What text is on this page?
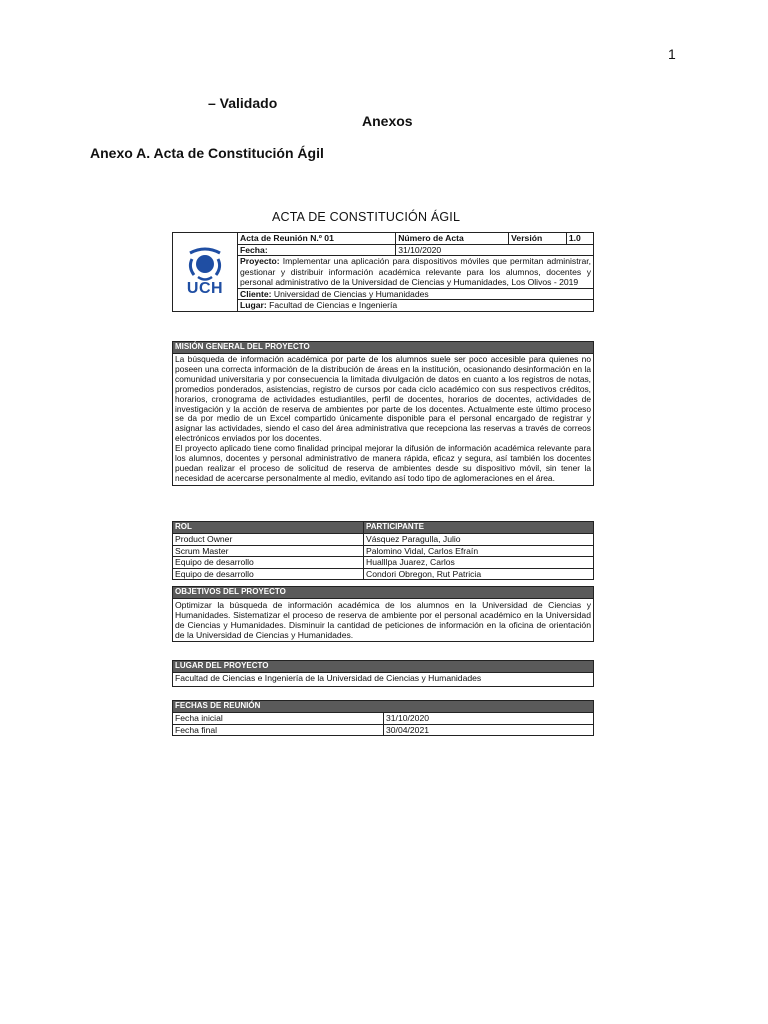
1
– Validado
Anexos
Anexo A. Acta de Constitución Ágil
ACTA DE CONSTITUCIÓN ÁGIL
UCH	Acta de Reunión N.º 01	Número de Acta	Versión	1.0
	Fecha:	31/10/2020		
	Proyecto: Implementar una aplicación para dispositivos móviles que permitan administrar, gestionar y distribuir información académica relevante para los alumnos, docentes y personal administrativo de la Universidad de Ciencias y Humanidades, Los Olivos - 2019			
	Cliente: Universidad de Ciencias y Humanidades			
	Lugar: Facultad de Ciencias e Ingeniería			
MISIÓN GENERAL DEL PROYECTO

La búsqueda de información académica por parte de los alumnos suele ser poco accesible para quienes no poseen una correcta información de la distribución de áreas en la institución, ocasionando desinformación en la comunidad universitaria y por consecuencia la limitada divulgación de datos en cuanto a los registros de notas, promedios ponderados, asistencias, registro de cursos por cada ciclo académico con sus respectivos créditos, horarios, cronograma de actividades estudiantiles, perfil de docentes, horarios de docentes, actividades de investigación y la acción de reserva de ambientes por parte de los docentes. Actualmente este último proceso se da por medio de un Excel compartido únicamente disponible para el personal encargado de registrar y asignar las actividades, siendo el caso del área administrativa que recepciona las reservas a través de correos electrónicos enviados por los docentes.
El proyecto aplicado tiene como finalidad principal mejorar la difusión de información académica relevante para los alumnos, docentes y personal administrativo de manera rápida, eficaz y segura, así también los docentes puedan realizar el proceso de solicitud de reserva de ambientes desde su dispositivo móvil, sin tener la necesidad de acercarse personalmente al medio, evitando así todo tipo de aglomeraciones en el área.
ROL	PARTICIPANTE
Product Owner	Vásquez Paragulla, Julio
Scrum Master	Palomino Vidal, Carlos Efraín
Equipo de desarrollo	Hualllpa Juarez, Carlos
Equipo de desarrollo	Condori Obregon, Rut Patricia
OBJETIVOS DEL PROYECTO
Optimizar la búsqueda de información académica de los alumnos en la Universidad de Ciencias y Humanidades. Sistematizar el proceso de reserva de ambiente por el personal académico en la Universidad de Ciencias y Humanidades. Disminuir la cantidad de peticiones de información en la oficina de orientación de la Universidad de Ciencias y Humanidades.
LUGAR DEL PROYECTO
Facultad de Ciencias e Ingeniería de la Universidad de Ciencias y Humanidades
FECHAS DE REUNIÓN	
Fecha inicial	31/10/2020
Fecha final	30/04/2021
